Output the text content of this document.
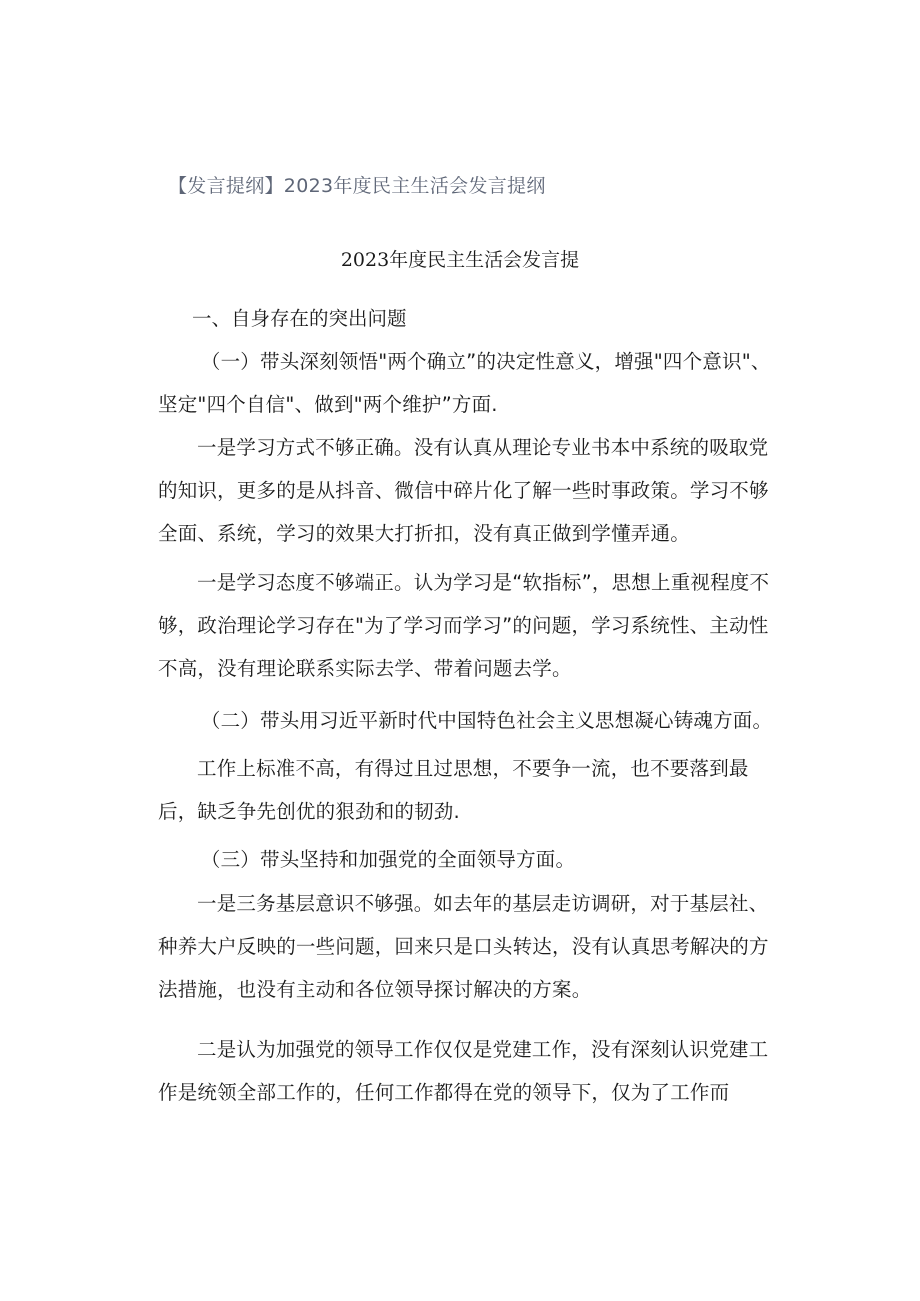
【发言提纲】2023年度民主生活会发言提纲
2023年度民主生活会发言提
一、自身存在的突出问题

（一）带头深刻领悟"两个确立”的决定性意义，增强"四个意识"、坚定"四个自信"、做到"两个维护”方面.

一是学习方式不够正确。没有认真从理论专业书本中系统的吸取党的知识，更多的是从抖音、微信中碎片化了解一些时事政策。学习不够全面、系统，学习的效果大打折扣，没有真正做到学懂弄通。

一是学习态度不够端正。认为学习是“软指标”，思想上重视程度不够，政治理论学习存在"为了学习而学习”的问题，学习系统性、主动性不高，没有理论联系实际去学、带着问题去学。

（二）带头用习近平新时代中国特色社会主义思想凝心铸魂方面。

工作上标准不高，有得过且过思想，不要争一流，也不要落到最后，缺乏争先创优的狠劲和的韧劲.

（三）带头坚持和加强党的全面领导方面。

一是三务基层意识不够强。如去年的基层走访调研，对于基层社、种养大户反映的一些问题，回来只是口头转达，没有认真思考解决的方法措施，也没有主动和各位领导探讨解决的方案。

二是认为加强党的领导工作仅仅是党建工作，没有深刻认识党建工作是统领全部工作的，任何工作都得在党的领导下，仅为了工作而
